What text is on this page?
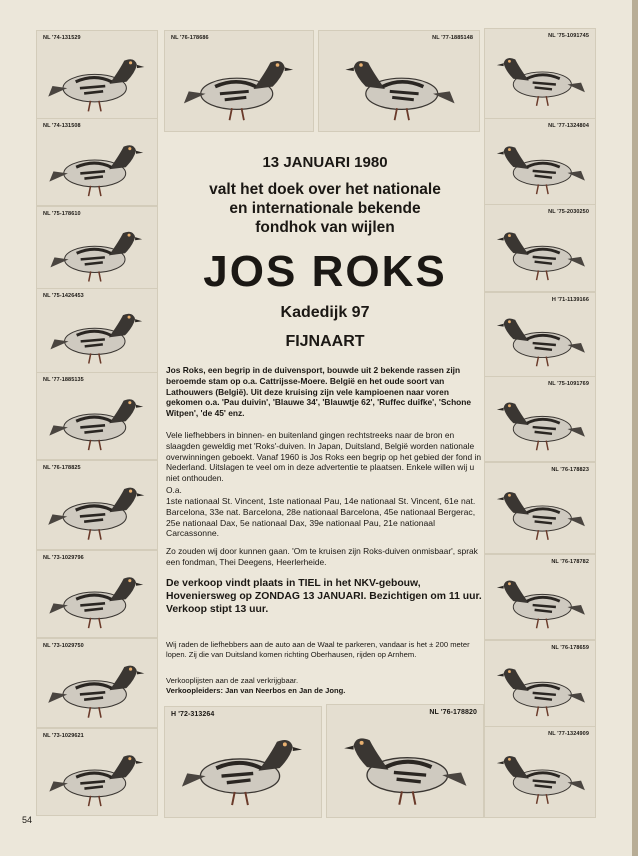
NL '74-131529	NL '76-178686	NL '77-1885148	NL '75-1091745
NL '74-131508
NL '75-178610
NL '75-1426453
NL '77-1885135
NL '76-178825
NL '73-1029796
NL '73-1029750
NL '73-1029621
NL '77-1324804
NL '75-2030250
H '71-1139166
NL '75-1091769
NL '76-178823
NL '76-178782
NL '76-178659
NL '77-1324909
H '72-313264	NL '76-178820
13 JANUARI 1980
valt het doek over het nationale
en internationale bekende
fondhok van wijlen
JOS ROKS
Kadedijk 97
FIJNAART
Jos Roks, een begrip in de duivensport, bouwde uit 2 bekende rassen zijn beroemde stam op o.a. Cattrijsse-Moere. België en het oude soort van Lathouwers (België). Uit deze kruising zijn vele kampioenen naar voren gekomen o.a. 'Pau duivin', 'Blauwe 34', 'Blauwtje 62', 'Ruffec duifke', 'Schone Witpen', 'de 45' enz.
Vele liefhebbers in binnen- en buitenland gingen rechtstreeks naar de bron en slaagden geweldig met 'Roks'-duiven. In Japan, Duitsland, België worden nationale overwinningen geboekt. Vanaf 1960 is Jos Roks een begrip op het gebied der fond in Nederland. Uitslagen te veel om in deze advertentie te plaatsen. Enkele willen wij u niet onthouden.
O.a.
1ste nationaal St. Vincent, 1ste nationaal Pau, 14e nationaal St. Vincent, 61e nat. Barcelona, 33e nat. Barcelona, 28e nationaal Barcelona, 45e nationaal Bergerac, 25e nationaal Dax, 5e nationaal Dax, 39e nationaal Pau, 21e nationaal Carcassonne.
Zo zouden wij door kunnen gaan. 'Om te kruisen zijn Roks-duiven onmisbaar', sprak een fondman, Thei Deegens, Heerlerheide.
De verkoop vindt plaats in TIEL in het NKV-gebouw, Hoveniersweg op ZONDAG 13 JANUARI. Bezichtigen om 11 uur. Verkoop stipt 13 uur.
Wij raden de liefhebbers aan de auto aan de Waal te parkeren, vandaar is het ± 200 meter lopen. Zij die van Duitsland komen richting Oberhausen, rijden op Arnhem.
Verkooplijsten aan de zaal verkrijgbaar.
Verkoopleiders: Jan van Neerbos en Jan de Jong.
54
